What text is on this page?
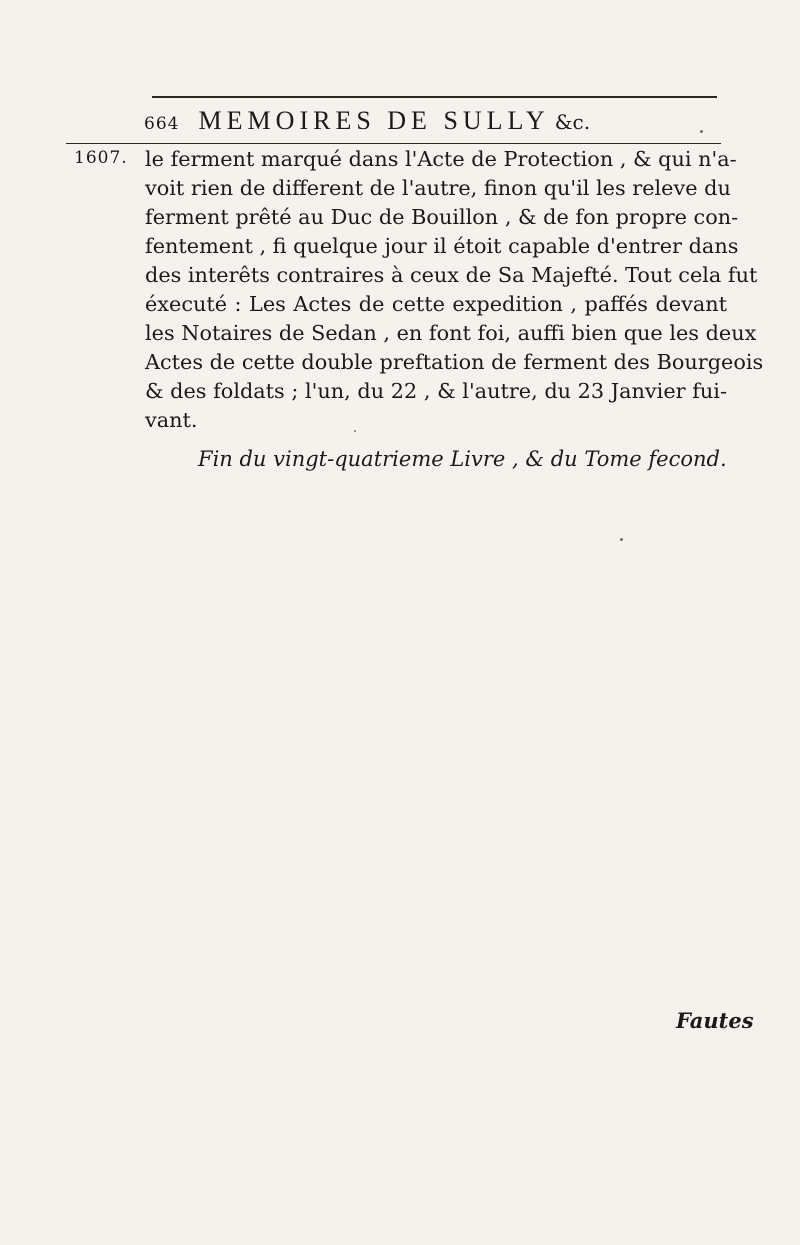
664 MEMOIRES DE SULLY &c.
1607. le ferment marqué dans l'Acte de Protection , & qui n'a-
voit rien de different de l'autre, finon qu'il les releve du
ferment prêté au Duc de Bouillon , & de fon propre con-
fentement , fi quelque jour il étoit capable d'entrer dans
des interêts contraires à ceux de Sa Majefté. Tout cela fut
éxecuté : Les Actes de cette expedition , paffés devant
les Notaires de Sedan , en font foi, auffi bien que les deux
Actes de cette double preftation de ferment des Bourgeois
& des foldats ; l'un, du 22 , & l'autre, du 23 Janvier fui-
vant.
Fin du vingt-quatrieme Livre , & du Tome fecond.
Fautes
